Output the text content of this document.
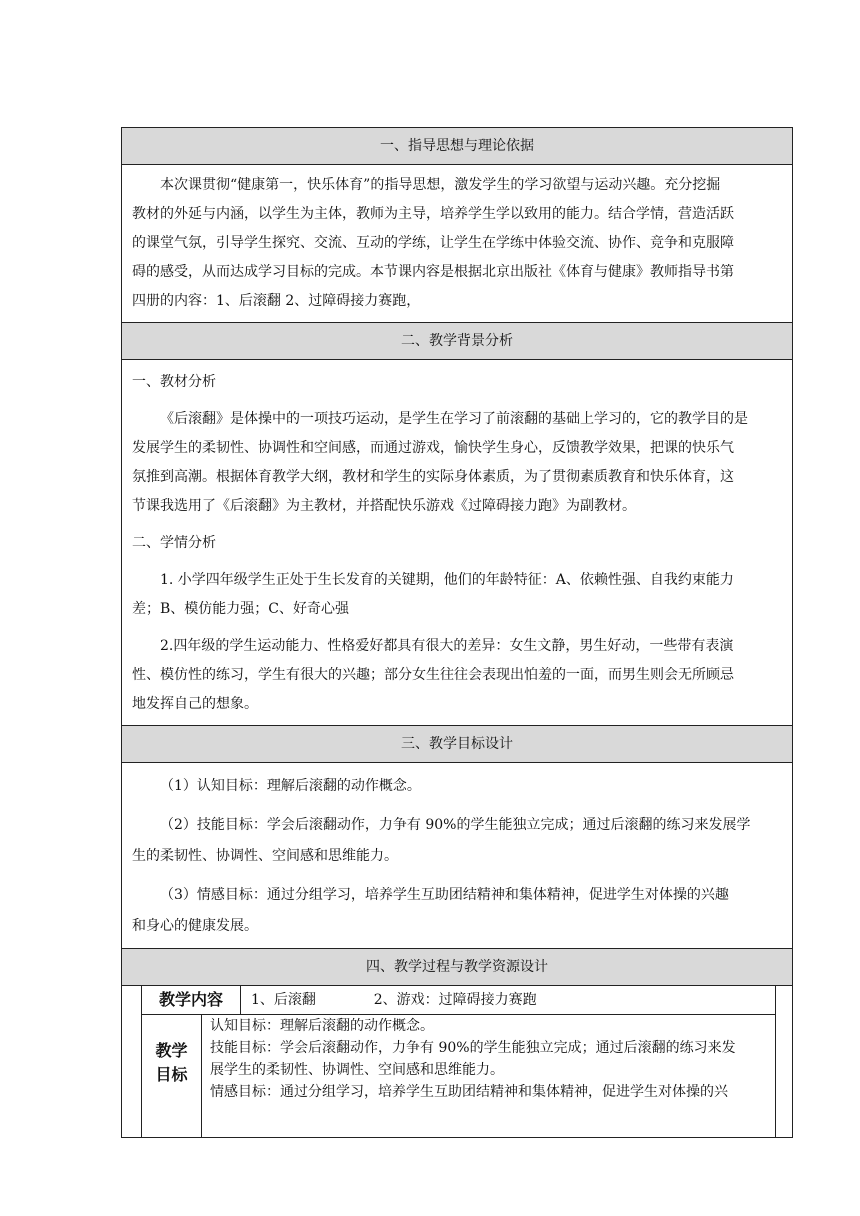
一、指导思想与理论依据

本次课贯彻“健康第一，快乐体育”的指导思想，激发学生的学习欲望与运动兴趣。充分挖掘

教材的外延与内涵，以学生为主体，教师为主导，培养学生学以致用的能力。结合学情，营造活跃

的课堂气氛，引导学生探究、交流、互动的学练，让学生在学练中体验交流、协作、竞争和克服障

碍的感受，从而达成学习目标的完成。本节课内容是根据北京出版社《体育与健康》教师指导书第

四册的内容：1、后滚翻 2、过障碍接力赛跑，

二、教学背景分析

一、教材分析

《后滚翻》是体操中的一项技巧运动，是学生在学习了前滚翻的基础上学习的，它的教学目的是

发展学生的柔韧性、协调性和空间感，而通过游戏，愉快学生身心，反馈教学效果，把课的快乐气

氛推到高潮。根据体育教学大纲，教材和学生的实际身体素质，为了贯彻素质教育和快乐体育，这

节课我选用了《后滚翻》为主教材，并搭配快乐游戏《过障碍接力跑》为副教材。

二、学情分析

1. 小学四年级学生正处于生长发育的关键期，他们的年龄特征：A、依赖性强、自我约束能力

差；B、模仿能力强；C、好奇心强

2.四年级的学生运动能力、性格爱好都具有很大的差异：女生文静，男生好动，一些带有表演

性、模仿性的练习，学生有很大的兴趣；部分女生往往会表现出怕羞的一面，而男生则会无所顾忌

地发挥自己的想象。

三、教学目标设计

（1）认知目标：理解后滚翻的动作概念。

（2）技能目标：学会后滚翻动作，力争有 90%的学生能独立完成；通过后滚翻的练习来发展学

生的柔韧性、协调性、空间感和思维能力。

（3）情感目标：通过分组学习，培养学生互助团结精神和集体精神，促进学生对体操的兴趣

和身心的健康发展。

四、教学过程与教学资源设计
教学内容	1、后滚翻             2、游戏：过障碍接力赛跑
教学
目标
认知目标：理解后滚翻的动作概念。
技能目标：学会后滚翻动作，力争有 90%的学生能独立完成；通过后滚翻的练习来发
展学生的柔韧性、协调性、空间感和思维能力。
情感目标：通过分组学习，培养学生互助团结精神和集体精神，促进学生对体操的兴
